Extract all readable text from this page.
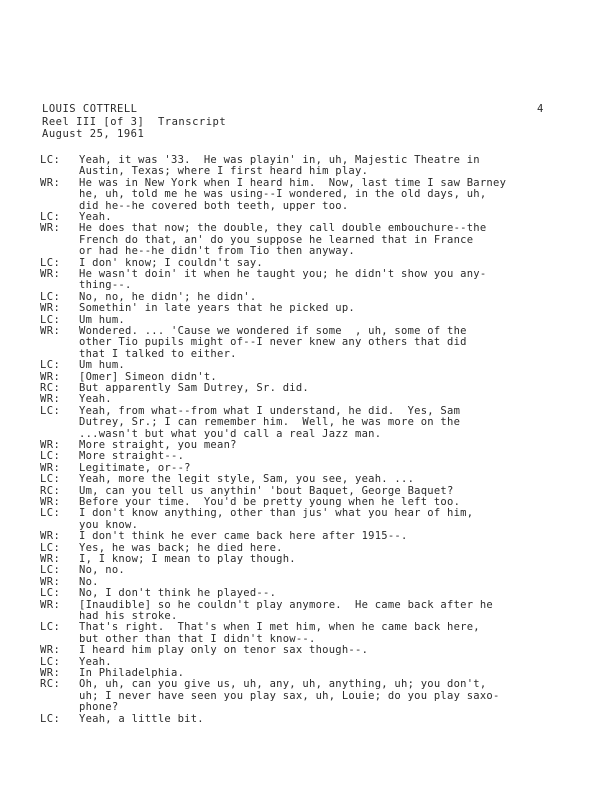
4
LOUIS COTTRELL
Reel III [of 3]  Transcript
August 25, 1961
LC:	Yeah, it was '33.  He was playin' in, uh, Majestic Theatre in
Austin, Texas; where I first heard him play.
WR:	He was in New York when I heard him.  Now, last time I saw Barney
he, uh, told me he was using--I wondered, in the old days, uh,
did he--he covered both teeth, upper too.
LC:	Yeah.
WR:	He does that now; the double, they call double embouchure--the
French do that, an' do you suppose he learned that in France
or had he--he didn't from Tio then anyway.
LC:	I don' know; I couldn't say.
WR:	He wasn't doin' it when he taught you; he didn't show you any-
thing--.
LC:	No, no, he didn'; he didn'.
WR:	Somethin' in late years that he picked up.
LC:	Um hum.
WR:	Wondered. ... 'Cause we wondered if some  , uh, some of the
other Tio pupils might of--I never knew any others that did
that I talked to either.
LC:	Um hum.
WR:	[Omer] Simeon didn't.
RC:	But apparently Sam Dutrey, Sr. did.
WR:	Yeah.
LC:	Yeah, from what--from what I understand, he did.  Yes, Sam
Dutrey, Sr.; I can remember him.  Well, he was more on the
...wasn't but what you'd call a real Jazz man.
WR:	More straight, you mean?
LC:	More straight--.
WR:	Legitimate, or--?
LC:	Yeah, more the legit style, Sam, you see, yeah. ...
RC:	Um, can you tell us anythin' 'bout Baquet, George Baquet?
WR:	Before your time.  You'd be pretty young when he left too.
LC:	I don't know anything, other than jus' what you hear of him,
you know.
WR:	I don't think he ever came back here after 1915--.
LC:	Yes, he was back; he died here.
WR:	I, I know; I mean to play though.
LC:	No, no.
WR:	No.
LC:	No, I don't think he played--.
WR:	[Inaudible] so he couldn't play anymore.  He came back after he
had his stroke.
LC:	That's right.  That's when I met him, when he came back here,
but other than that I didn't know--.
WR:	I heard him play only on tenor sax though--.
LC:	Yeah.
WR:	In Philadelphia.
RC:	Oh, uh, can you give us, uh, any, uh, anything, uh; you don't,
uh; I never have seen you play sax, uh, Louie; do you play saxo-
phone?
LC:	Yeah, a little bit.
